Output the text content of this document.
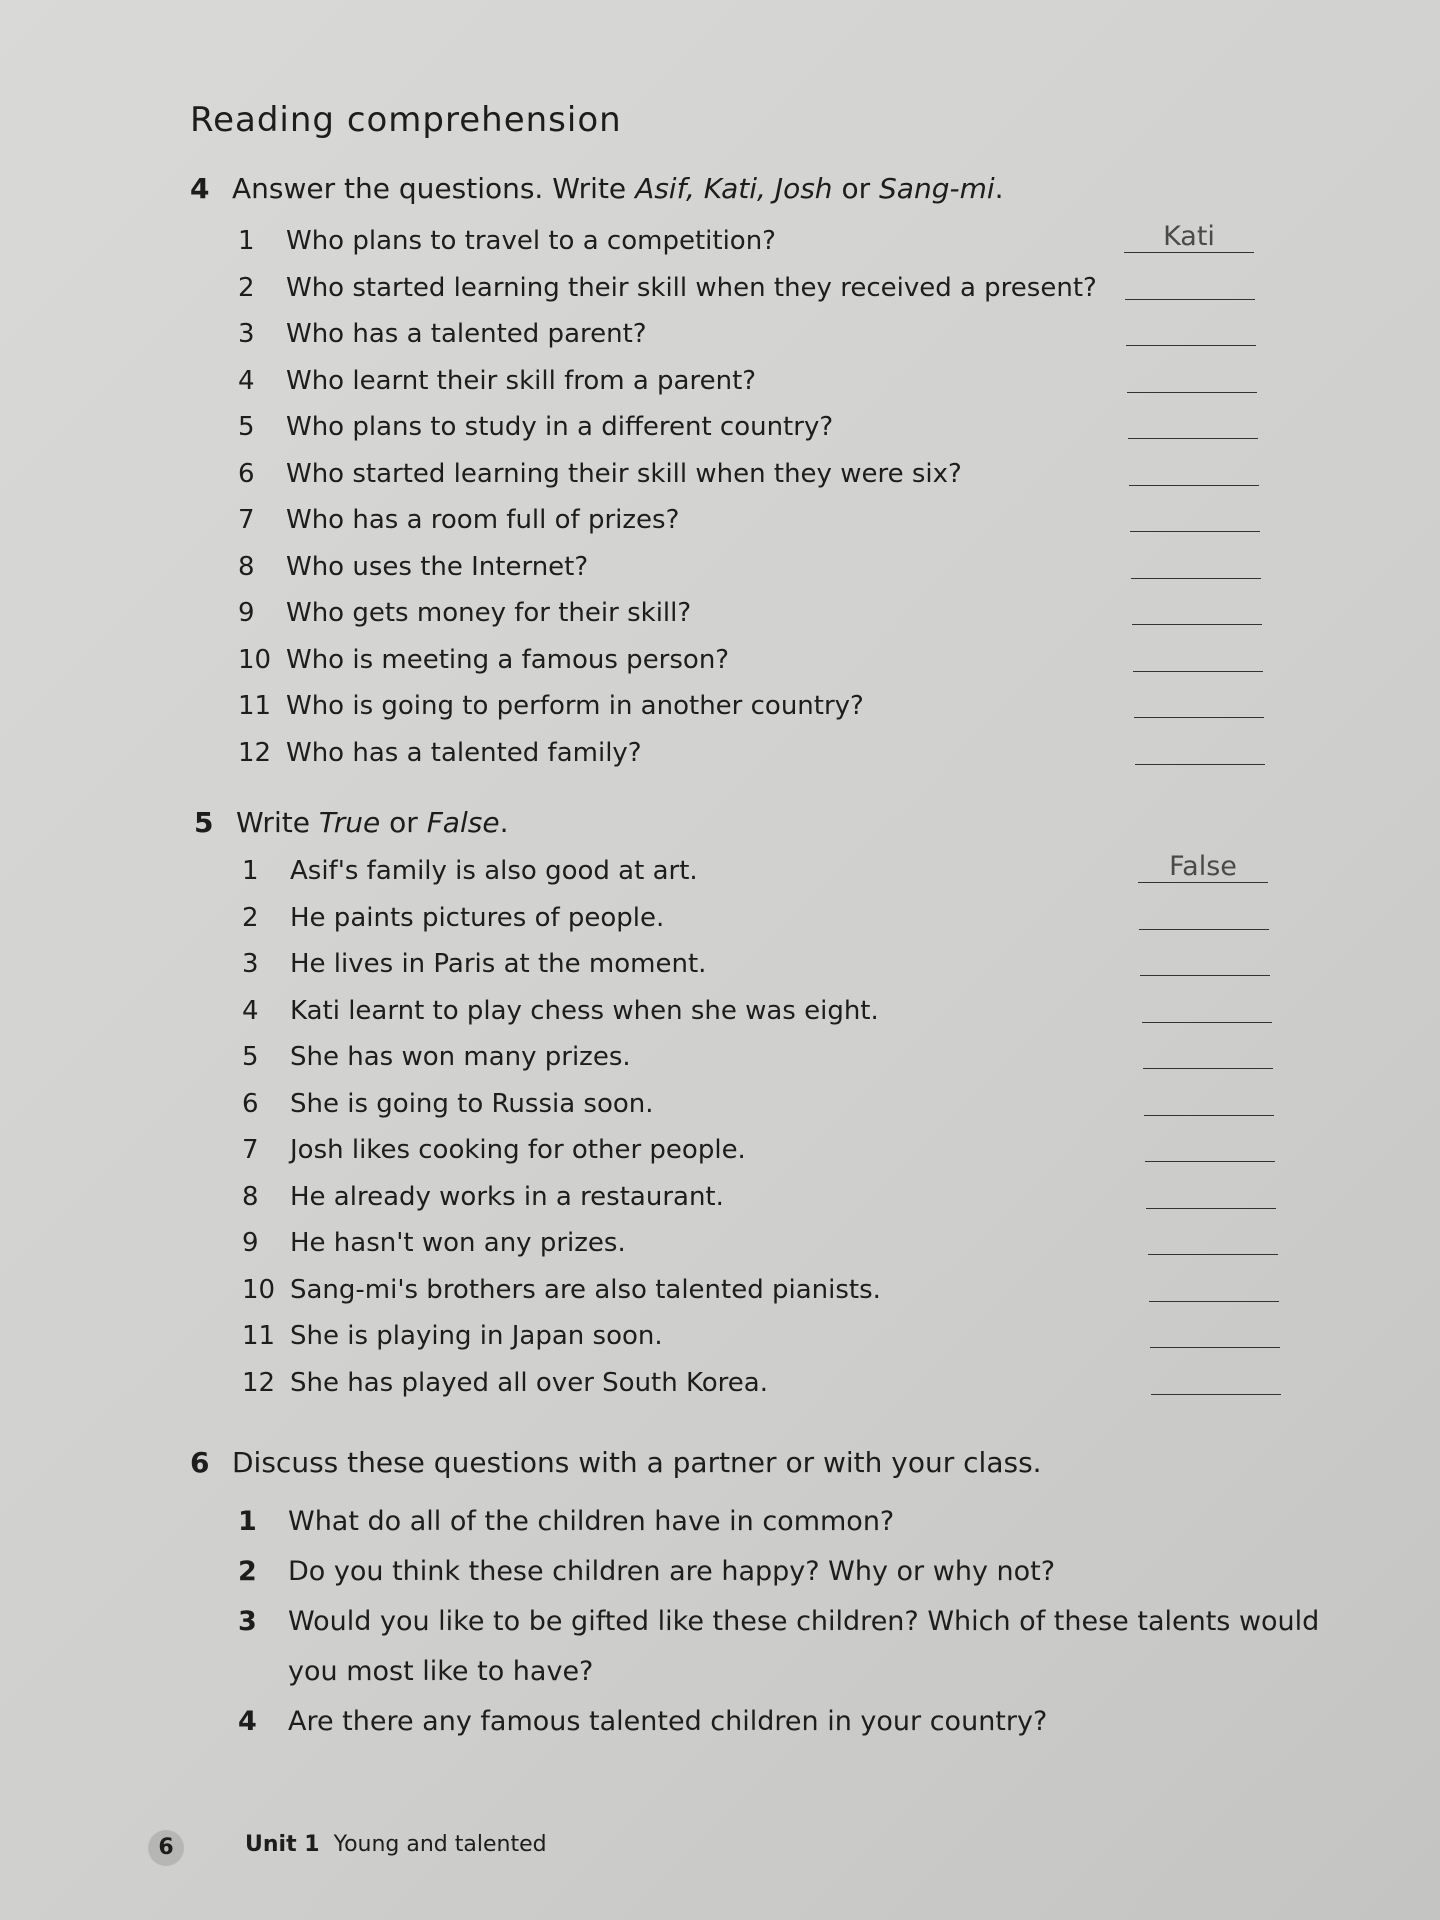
Reading comprehension
4 Answer the questions. Write Asif, Kati, Josh or Sang-mi.
1 Who plans to travel to a competition?	Kati
2 Who started learning their skill when they received a present?
3 Who has a talented parent?
4 Who learnt their skill from a parent?
5 Who plans to study in a different country?
6 Who started learning their skill when they were six?
7 Who has a room full of prizes?
8 Who uses the Internet?
9 Who gets money for their skill?
10 Who is meeting a famous person?
11 Who is going to perform in another country?
12 Who has a talented family?
5 Write True or False.
1 Asif's family is also good at art.	False
2 He paints pictures of people.
3 He lives in Paris at the moment.
4 Kati learnt to play chess when she was eight.
5 She has won many prizes.
6 She is going to Russia soon.
7 Josh likes cooking for other people.
8 He already works in a restaurant.
9 He hasn't won any prizes.
10 Sang-mi's brothers are also talented pianists.
11 She is playing in Japan soon.
12 She has played all over South Korea.
6 Discuss these questions with a partner or with your class.
1 What do all of the children have in common?
2 Do you think these children are happy? Why or why not?
3 Would you like to be gifted like these children? Which of these talents would
you most like to have?
4 Are there any famous talented children in your country?
6	Unit 1 Young and talented
